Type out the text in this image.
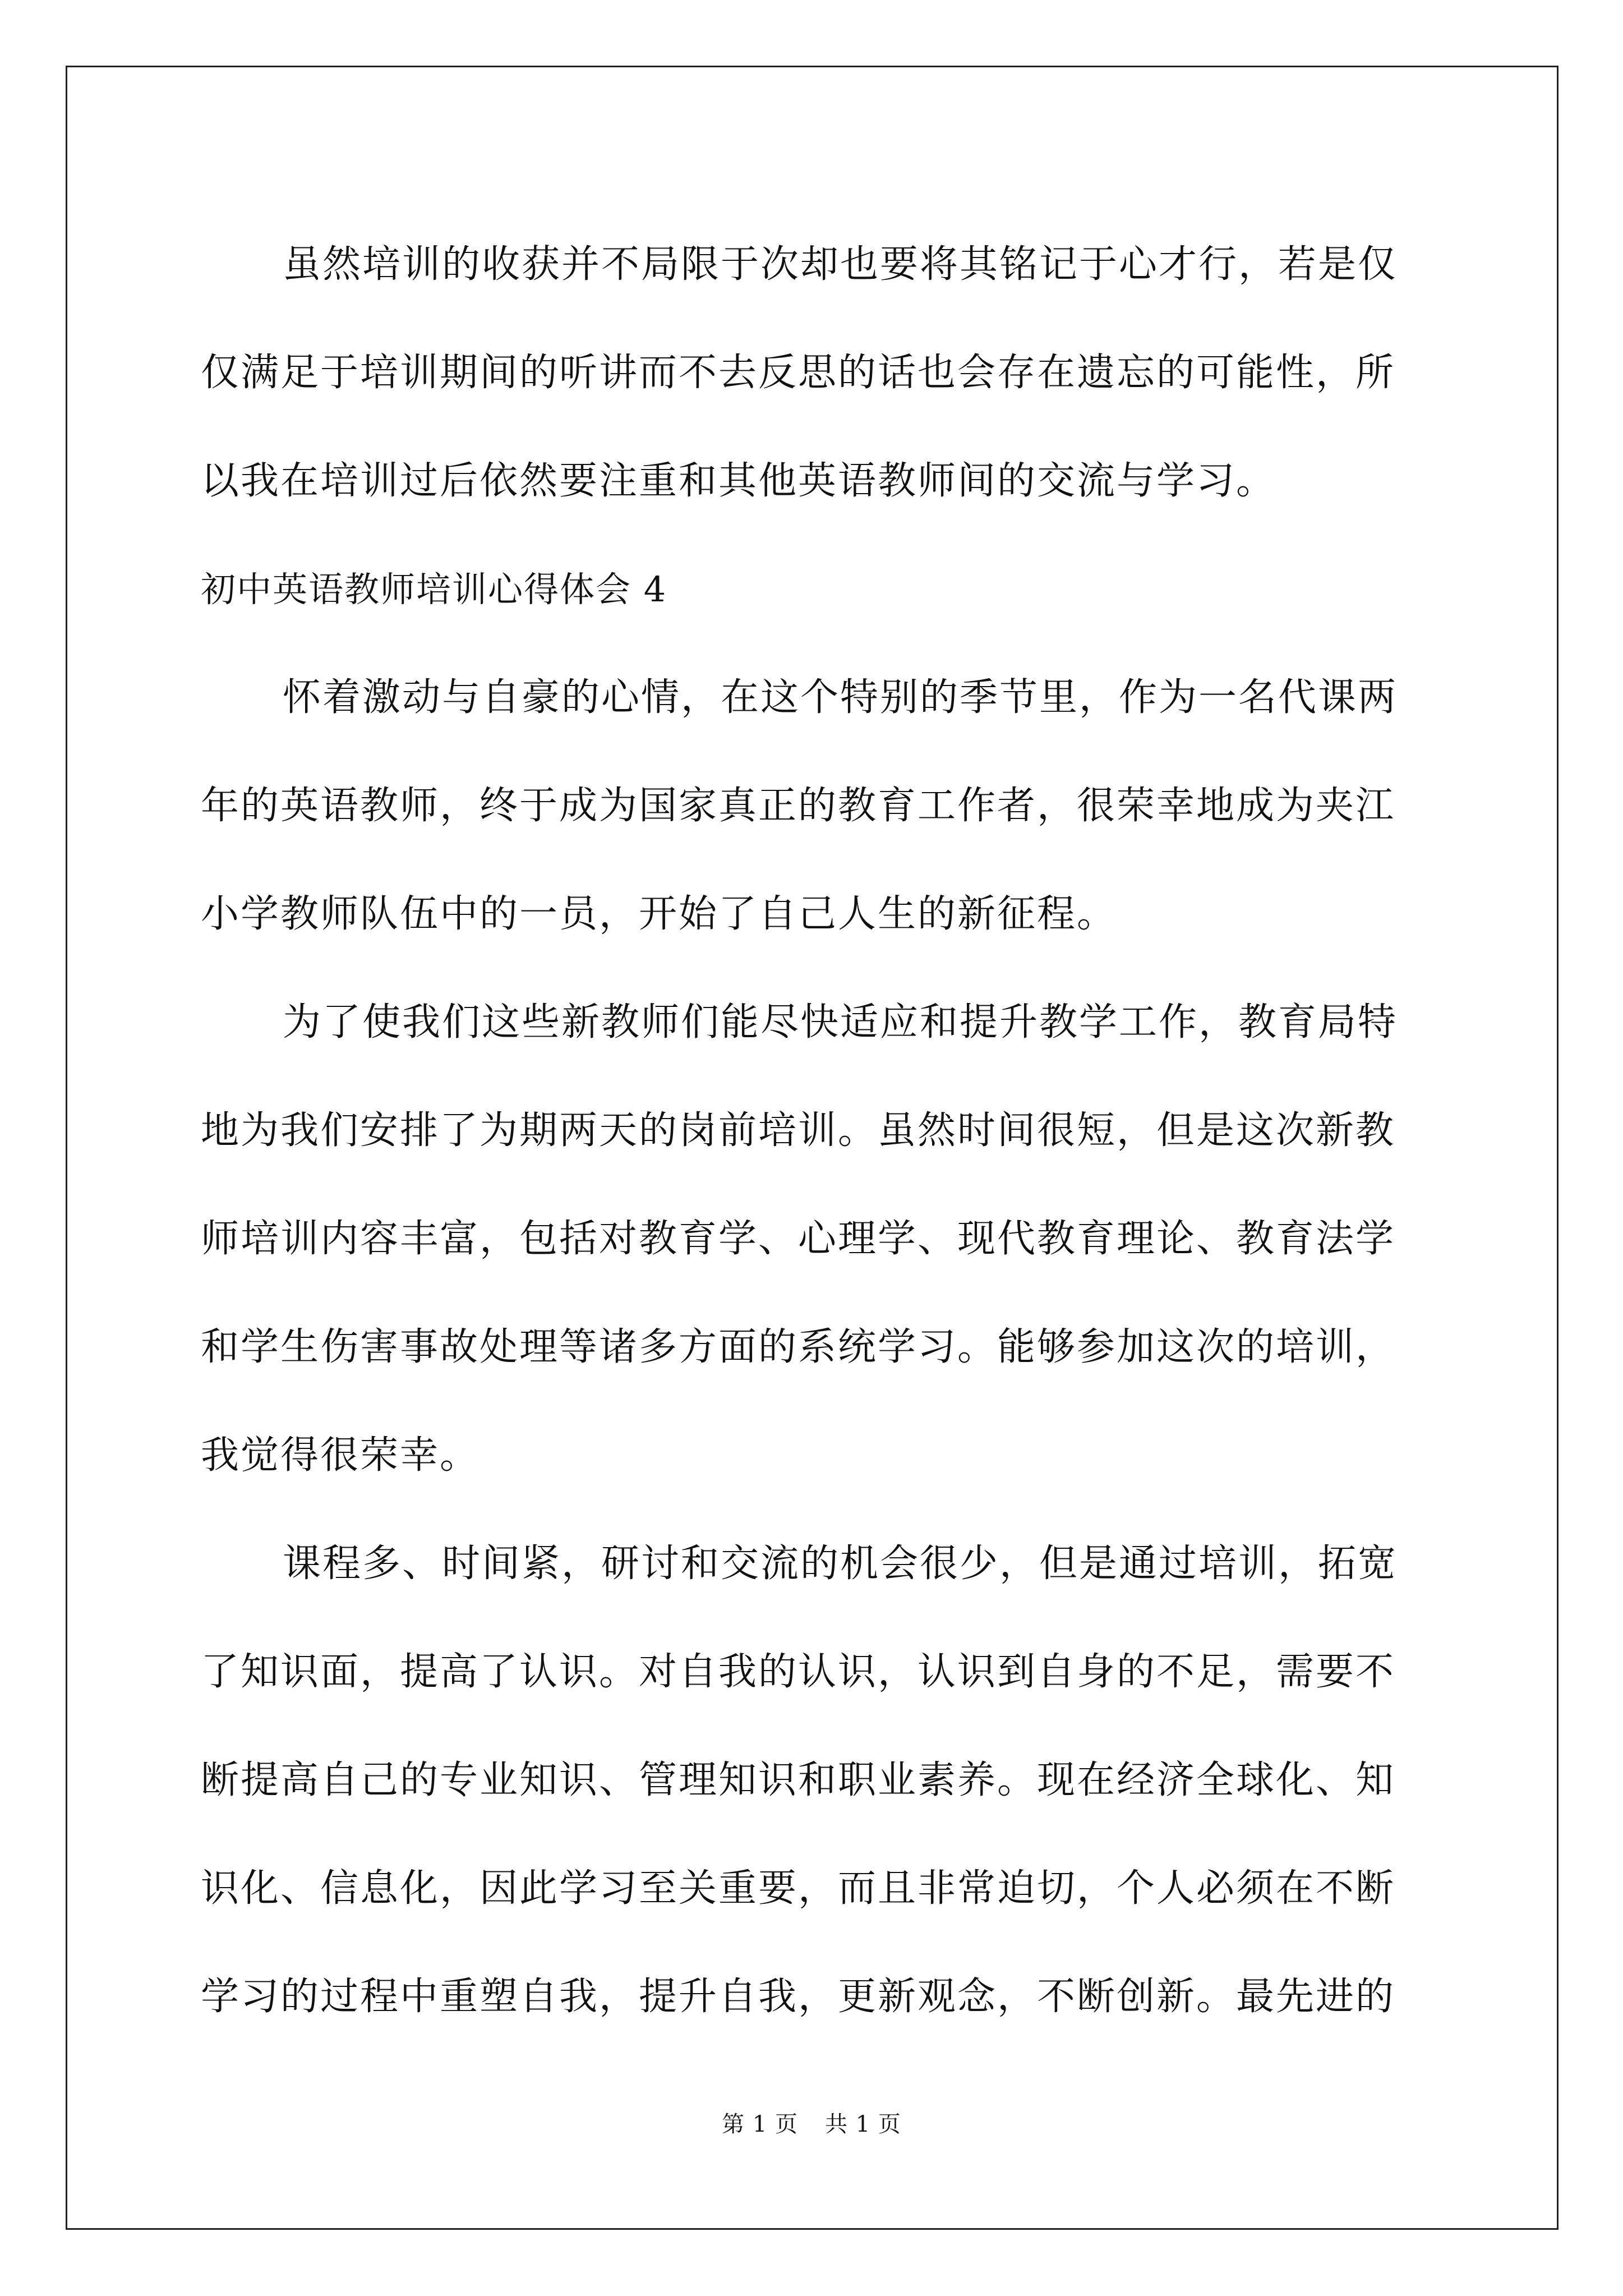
虽然培训的收获并不局限于次却也要将其铭记于心才行，若是仅
仅满足于培训期间的听讲而不去反思的话也会存在遗忘的可能性，所
以我在培训过后依然要注重和其他英语教师间的交流与学习。
初中英语教师培训心得体会 4
怀着激动与自豪的心情，在这个特别的季节里，作为一名代课两
年的英语教师，终于成为国家真正的教育工作者，很荣幸地成为夹江
小学教师队伍中的一员，开始了自己人生的新征程。
为了使我们这些新教师们能尽快适应和提升教学工作，教育局特
地为我们安排了为期两天的岗前培训。虽然时间很短，但是这次新教
师培训内容丰富，包括对教育学、心理学、现代教育理论、教育法学
和学生伤害事故处理等诸多方面的系统学习。能够参加这次的培训，
我觉得很荣幸。
课程多、时间紧，研讨和交流的机会很少，但是通过培训，拓宽
了知识面，提高了认识。对自我的认识，认识到自身的不足，需要不
断提高自己的专业知识、管理知识和职业素养。现在经济全球化、知
识化、信息化，因此学习至关重要，而且非常迫切，个人必须在不断
学习的过程中重塑自我，提升自我，更新观念，不断创新。最先进的
第 1 页 共 1 页
